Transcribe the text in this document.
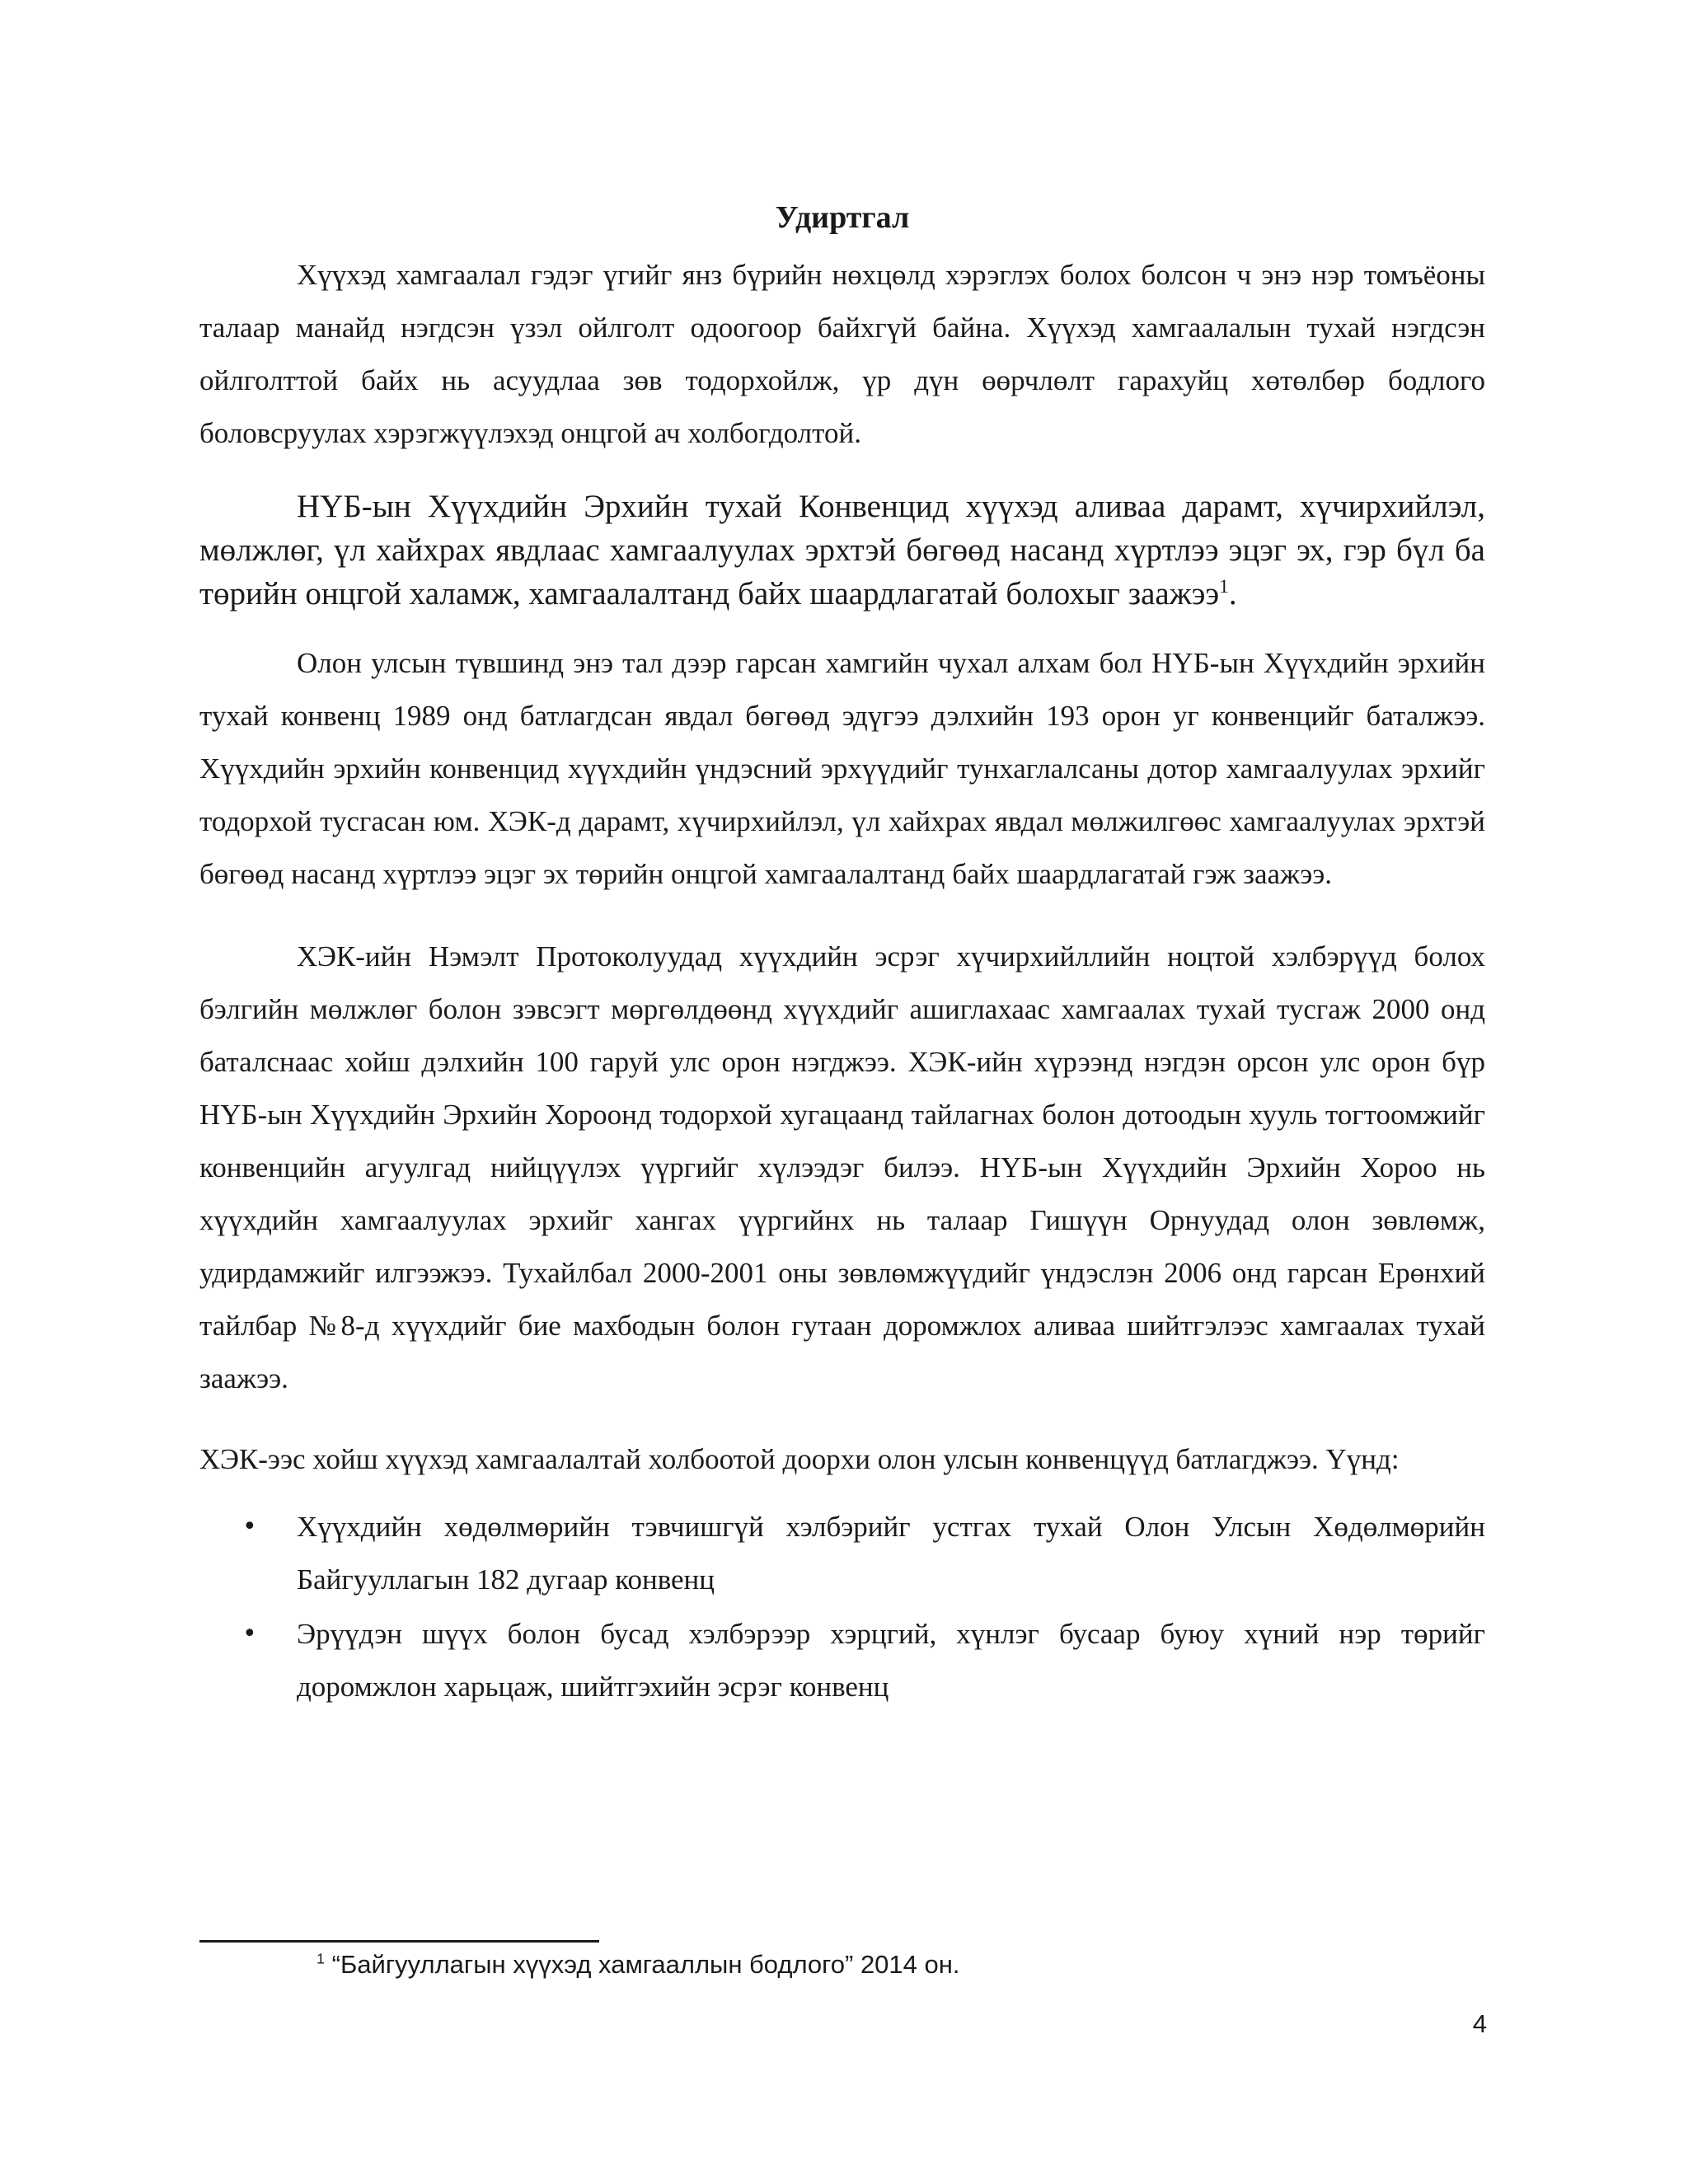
Удиртгал

Хүүхэд хамгаалал гэдэг үгийг янз бүрийн нөхцөлд хэрэглэх болох болсон ч энэ нэр томъёоны талаар манайд нэгдсэн үзэл ойлголт одоогоор байхгүй байна. Хүүхэд хамгаалалын тухай нэгдсэн ойлголттой байх нь асуудлаа зөв тодорхойлж, үр дүн өөрчлөлт гарахуйц хөтөлбөр бодлого боловсруулах хэрэгжүүлэхэд онцгой ач холбогдолтой.

НҮБ-ын Хүүхдийн Эрхийн тухай Конвенцид хүүхэд аливаа дарамт, хүчирхийлэл, мөлжлөг, үл хайхрах явдлаас хамгаалуулах эрхтэй бөгөөд насанд хүртлээ эцэг эх, гэр бүл ба төрийн онцгой халамж, хамгаалалтанд байх шаардлагатай болохыг заажээ$^1$.

Олон улсын түвшинд энэ тал дээр гарсан хамгийн чухал алхам бол НҮБ-ын Хүүхдийн эрхийн тухай конвенц 1989 онд батлагдсан явдал бөгөөд эдүгээ дэлхийн 193 орон уг конвенцийг баталжээ. Хүүхдийн эрхийн конвенцид хүүхдийн үндэсний эрхүүдийг тунхаглалсаны дотор хамгаалуулах эрхийг тодорхой тусгасан юм. ХЭК-д дарамт, хүчирхийлэл, үл хайхрах явдал мөлжилгөөс хамгаалуулах эрхтэй бөгөөд насанд хүртлээ эцэг эх төрийн онцгой хамгаалалтанд байх шаардлагатай гэж заажээ.

ХЭК-ийн Нэмэлт Протоколуудад хүүхдийн эсрэг хүчирхийллийн ноцтой хэлбэрүүд болох бэлгийн мөлжлөг болон зэвсэгт мөргөлдөөнд хүүхдийг ашиглахаас хамгаалах тухай тусгаж 2000 онд баталснаас хойш дэлхийн 100 гаруй улс орон нэгджээ. ХЭК-ийн хүрээнд нэгдэн орсон улс орон бүр НҮБ-ын Хүүхдийн Эрхийн Хороонд тодорхой хугацаанд тайлагнах болон дотоодын хууль тогтоомжийг конвенцийн агуулгад нийцүүлэх үүргийг хүлээдэг билээ. НҮБ-ын Хүүхдийн Эрхийн Хороо нь хүүхдийн хамгаалуулах эрхийг хангах үүргийнх нь талаар Гишүүн Орнуудад олон зөвлөмж, удирдамжийг илгээжээ. Тухайлбал 2000-2001 оны зөвлөмжүүдийг үндэслэн 2006 онд гарсан Ерөнхий тайлбар №8-д хүүхдийг бие махбодын болон гутаан доромжлох аливаа шийтгэлээс хамгаалах тухай заажээ.

ХЭК-ээс хойш хүүхэд хамгаалалтай холбоотой доорхи олон улсын конвенцүүд батлагджээ. Үүнд:

• Хүүхдийн хөдөлмөрийн тэвчишгүй хэлбэрийг устгах тухай Олон Улсын Хөдөлмөрийн Байгууллагын 182 дугаар конвенц
• Эрүүдэн шүүх болон бусад хэлбэрээр хэрцгий, хүнлэг бусаар буюу хүний нэр төрийг доромжлон харьцаж, шийтгэхийн эсрэг конвенц
$^1$ “Байгууллагын хүүхэд хамгааллын бодлого” 2014 он.
4
